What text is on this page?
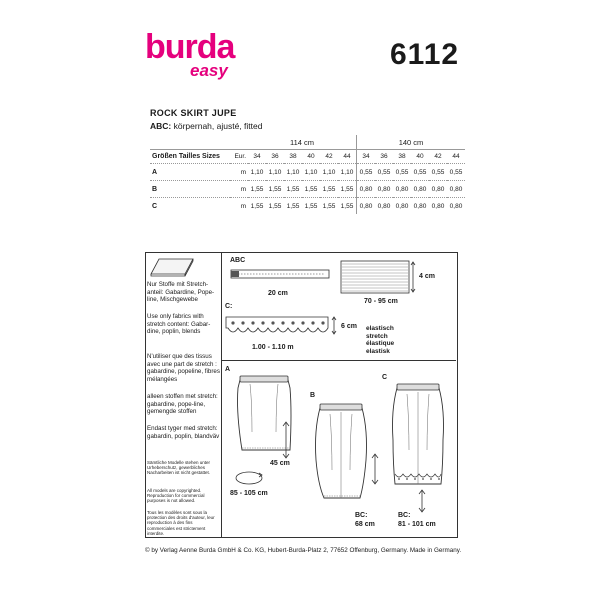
burda
easy	6112
ROCK SKIRT JUPE
ABC: körpernah, ajusté, fitted
		114 cm						140 cm					
Größen Tailles Sizes	Eur.	34	36	38	40	42	44	34	36	38	40	42	44
A	m	1,10	1,10	1,10	1,10	1,10	1,10	0,55	0,55	0,55	0,55	0,55	0,55
B	m	1,55	1,55	1,55	1,55	1,55	1,55	0,80	0,80	0,80	0,80	0,80	0,80
C	m	1,55	1,55	1,55	1,55	1,55	1,55	0,80	0,80	0,80	0,80	0,80	0,80
Nur Stoffe mit Stretch-anteil: Gabardine, Pope-line, Mischgewebe
Use only fabrics with stretch content: Gabar-dine, poplin, blends
N'utiliser que des tissus avec une part de stretch : gabardine, popeline, fibres mélangées
alleen stoffen met stretch: gabardine, pope-line, gemengde stoffen
Endast tyger med stretch: gabardin, poplin, blandväv
Sämtliche Modelle stehen unter Urheberschutz, gewerbliches Nacharbeiten ist nicht gestattet.
All models are copyrighted. Reproduction for commercial purposes is not allowed.
Tous les modèles sont sous la protection des droits d'auteur, leur reproduction à des fins commerciales est strictement interdite.
ABC
20 cm
4 cm
70 - 95 cm
C:
6 cm
1.00 - 1.10 m
elastisch
stretch
élastique
elastisk
A
45 cm
85 - 105 cm
B
BC:
68 cm
C
BC:
81 - 101 cm
© by Verlag Aenne Burda GmbH & Co. KG, Hubert-Burda-Platz 2, 77652 Offenburg, Germany. Made in Germany.
